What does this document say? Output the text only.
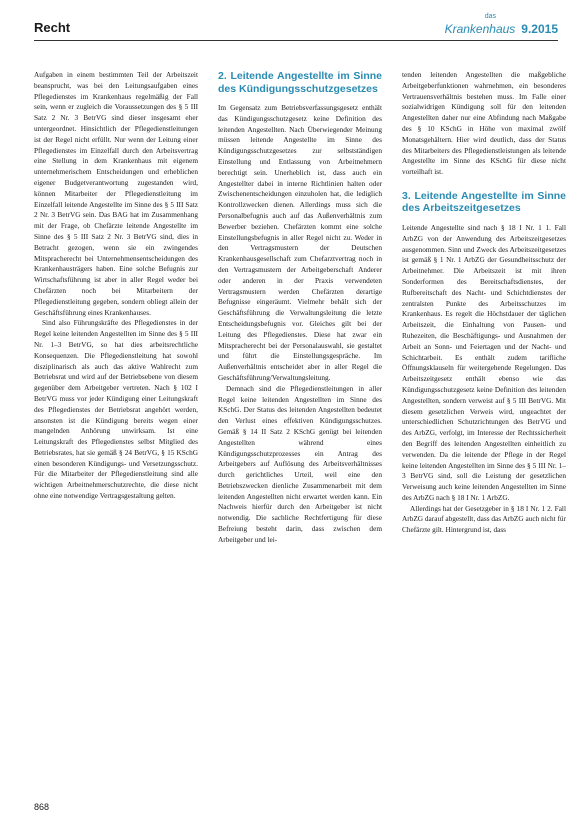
Recht
das
Krankenhaus 9.2015

Aufgaben in einem bestimmten Teil der Arbeitszeit beansprucht, was bei den Leitungsaufgaben eines Pflegedienstes im Krankenhaus regelmäßig der Fall sein, wenn er zugleich die Voraussetzungen des § 5 III Satz 2 Nr. 3 BetrVG sind dieser insgesamt eher untergeordnet. Hinsichtlich der Pflegedienstleitungen ist der Regel nicht erfüllt. Nur wenn der Leitung einer Pflegedienstes im Einzelfall durch den Arbeitsvertrag eine Stellung in dem Krankenhaus mit eigenem unternehmerischem Entscheidungen und erheblichen eigener Budgetverantwortung zugestanden wird, können Mitarbeiter der Pflegedienstleitung im Einzelfall leitende Angestellte im Sinne des § 5 III Satz 2 Nr. 3 BetrVG sein. Das BAG hat im Zusammenhang mit der Frage, ob Chefärzte leitende Angestellte im Sinne des § 5 III Satz 2 Nr. 3 BetrVG sind, dies in Betracht gezogen, wenn sie ein zwingendes Mitspracherecht bei Unternehmensentscheidungen des Krankenhausträgers haben. Eine solche Befugnis zur Wirtschaftsführung ist aber in aller Regel weder bei Chefärzten noch bei Mitarbeitern der Pflegedienstleitung gegeben, sondern obliegt allein der Geschäftsführung eines Krankenhauses.

Sind also Führungskräfte des Pflegedienstes in der Regel keine leitenden Angestellten im Sinne des § 5 III Nr. 1–3 BetrVG, so hat dies arbeitsrechtliche Konsequenzen. Die Pflegedienstleitung hat sowohl disziplinarisch als auch das aktive Wahlrecht zum Betriebsrat und wird auf der Betriebsebene von diesem gegenüber dem Arbeitgeber vertreten. Nach § 102 I BetrVG muss vor jeder Kündigung einer Leitungskraft des Pflegedienstes der Betriebsrat angehört werden, ansonsten ist die Kündigung bereits wegen einer mangelnden Anhörung unwirksam. Ist eine Leitungskraft des Pflegedienstes selbst Mitglied des Betriebsrates, hat sie gemäß § 24 BetrVG, § 15 KSchG einen besonderen Kündigungs- und Versetzungsschutz. Für die Mitarbeiter der Pflegedienstleitung sind alle wichtigen Arbeitnehmerschutzrechte, die diese nicht ohne eine notwendige Vertragsgestaltung gelten.

2. Leitende Angestellte im Sinne des Kündigungsschutzgesetzes

Im Gegensatz zum Betriebsverfassungsgesetz enthält das Kündigungsschutzgesetz keine Definition des leitenden Angestellten. Nach Überwiegender Meinung müssen leitende Angestellte im Sinne des Kündigungsschutzgesetzes zur selbstständigen Einstellung und Entlassung von Arbeitnehmern berechtigt sein. Unerheblich ist, dass auch ein Angestellter dabei in interne Richtlinien halten oder Zwischenentscheidungen einzuholen hat, die lediglich Kontrollzwecken dienen. Allerdings muss sich die Personalbefugnis auch auf das Außenverhältnis zum Bewerber beziehen. Chefärzten kommt eine solche Einstellungsbefugnis in aller Regel nicht zu. Weder in den Vertragsmustern der Deutschen Krankenhausgesellschaft zum Chefarztvertrag noch in den Vertragsmustern der Arbeitgeberschaft Anderer oder anderen in der Praxis verwendeten Vertragsmustern werden Chefärzten derartige Befugnisse eingeräumt. Vielmehr behält sich der Geschäftsführung die Verwaltungsleitung die letzte Entscheidungsbefugnis vor. Gleiches gilt bei der Leitung des Pflegedienstes. Diese hat zwar ein Mitspracherecht bei der Personalauswahl, sie gestaltet und führt die Einstellungsgespräche. Im Außenverhältnis entscheidet aber in aller Regel die Geschäftsführung/Verwaltungsleitung.

Demnach sind die Pflegedienstleitungen in aller Regel keine leitenden Angestellten im Sinne des KSchG. Der Status des leitenden Angestellten bedeutet den Verlust eines effektiven Kündigungsschutzes. Gemäß § 14 II Satz 2 KSchG genügt bei leitenden Angestellten während eines Kündigungsschutzprozesses ein Antrag des Arbeitgebers auf Auflösung des Arbeitsverhältnisses durch gerichtliches Urteil, weil eine den Betriebszwecken dienliche Zusammenarbeit mit dem leitenden Angestellten nicht erwartet werden kann. Ein Nachweis hierfür durch den Arbeitgeber ist nicht notwendig. Die sachliche Rechtfertigung für diese Befreiung besteht darin, dass zwischen dem Arbeitgeber und lei-

tenden leitenden Angestellten die maßgebliche Arbeitgeberfunktionen wahrnehmen, ein besonderes Vertrauensverhältnis bestehen muss. Im Falle einer sozialwidrigen Kündigung soll für den leitenden Angestellten daher nur eine Abfindung nach Maßgabe des § 10 KSchG in Höhe von maximal zwölf Monatsgehältern. Hier wird deutlich, dass der Status des Mitarbeiters des Pflegedienstleistungen als leitende Angestellte im Sinne des KSchG für diese nicht vorteilhaft ist.

3. Leitende Angestellte im Sinne des Arbeitszeitgesetzes

Leitende Angestellte sind nach § 18 I Nr. 1 1. Fall ArbZG von der Anwendung des Arbeitszeitgesetzes ausgenommen. Sinn und Zweck des Arbeitszeitgesetzes ist gemäß § 1 Nr. 1 ArbZG der Gesundheitsschutz der Arbeitnehmer. Die Arbeitszeit ist mit ihren Sonderformen des Bereitschaftsdienstes, der Rufbereitschaft des Nacht- und Schichtdienstes der zentralsten Punkte des Arbeitsschutzes im Krankenhaus. Es regelt die Höchstdauer der täglichen Arbeitszeit, die Einhaltung von Pausen- und Ruhezeiten, die Beschäftigungs- und Ausnahmen der Arbeit an Sonn- und Feiertagen und der Nacht- und Schichtarbeit. Es enthält zudem tarifliche Öffnungsklauseln für weitergehende Regelungen. Das Arbeitszeitgesetz enthält ebenso wie das Kündigungsschutzgesetz keine Definition des leitenden Angestellten, sondern verweist auf § 5 III BetrVG. Mit diesem gesetzlichen Verweis wird, ungeachtet der unterschiedlichen Schutzrichtungen des BetrVG und des ArbZG, verfolgt, im Interesse der Rechtssicherheit den Begriff des leitenden Angestellten einheitlich zu verwenden. Da die leitende der Pflege in der Regel keine leitenden Angestellten im Sinne des § 5 III Nr. 1–3 BetrVG sind, soll die Leistung der gesetzlichen Verweisung auch keine leitenden Angestellten im Sinne des ArbZG nach § 18 I Nr. 1 ArbZG.

Allerdings hat der Gesetzgeber in § 18 I Nr. 1 2. Fall ArbZG darauf abgestellt, dass das ArbZG auch nicht für Chefärzte gilt. Hintergrund ist, dass

868
